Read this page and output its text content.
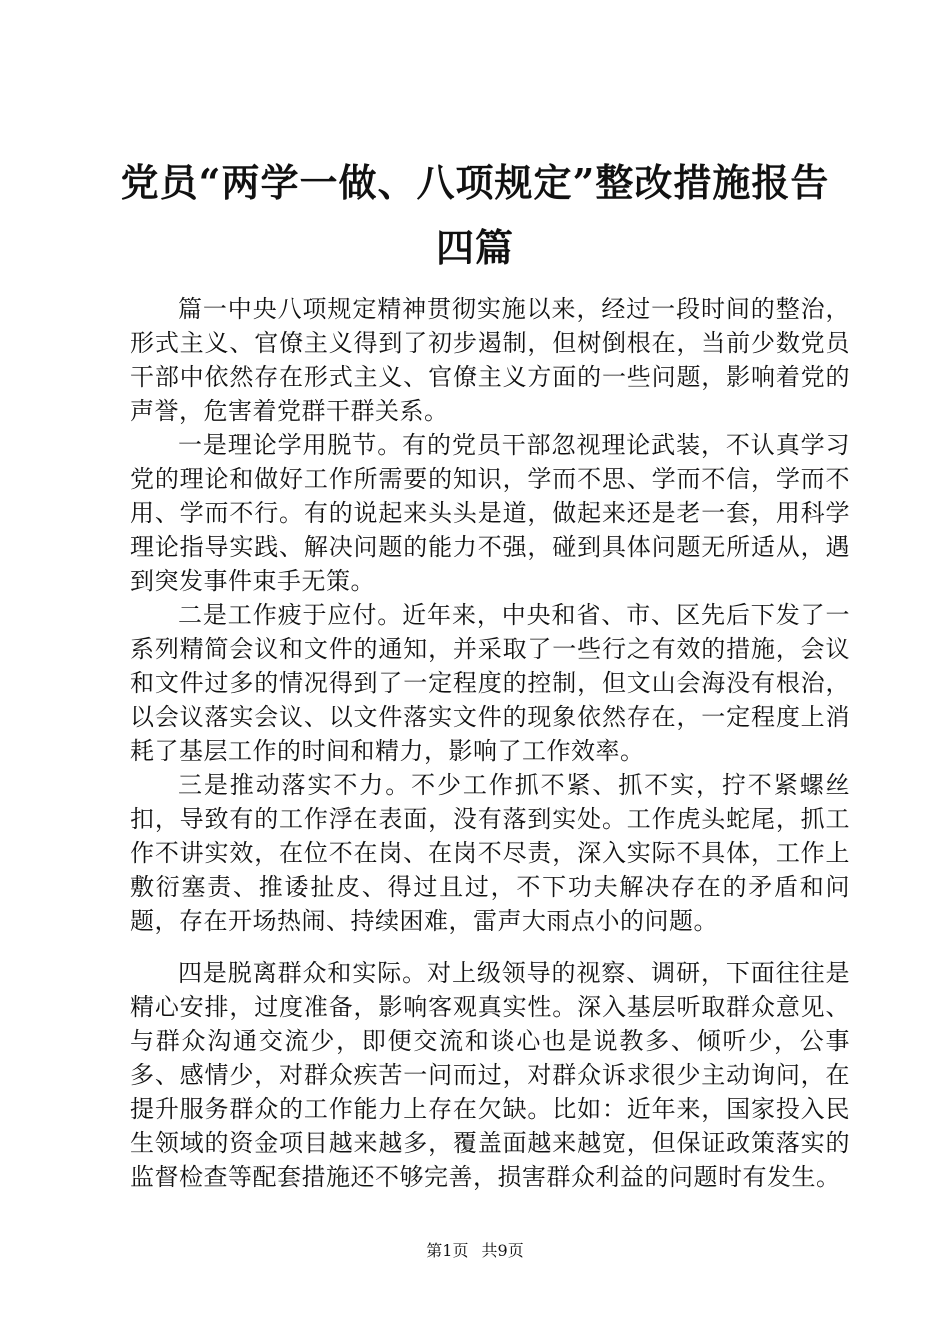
党员“两学一做、八项规定”整改措施报告四篇

篇一中央八项规定精神贯彻实施以来，经过一段时间的整治，形式主义、官僚主义得到了初步遏制，但树倒根在，当前少数党员干部中依然存在形式主义、官僚主义方面的一些问题，影响着党的声誉，危害着党群干群关系。

一是理论学用脱节。有的党员干部忽视理论武装，不认真学习党的理论和做好工作所需要的知识，学而不思、学而不信，学而不用、学而不行。有的说起来头头是道，做起来还是老一套，用科学理论指导实践、解决问题的能力不强，碰到具体问题无所适从，遇到突发事件束手无策。

二是工作疲于应付。近年来，中央和省、市、区先后下发了一系列精简会议和文件的通知，并采取了一些行之有效的措施，会议和文件过多的情况得到了一定程度的控制，但文山会海没有根治，以会议落实会议、以文件落实文件的现象依然存在，一定程度上消耗了基层工作的时间和精力，影响了工作效率。

三是推动落实不力。不少工作抓不紧、抓不实，拧不紧螺丝扣，导致有的工作浮在表面，没有落到实处。工作虎头蛇尾，抓工作不讲实效，在位不在岗、在岗不尽责，深入实际不具体，工作上敷衍塞责、推诿扯皮、得过且过，不下功夫解决存在的矛盾和问题，存在开场热闹、持续困难，雷声大雨点小的问题。

四是脱离群众和实际。对上级领导的视察、调研，下面往往是精心安排，过度准备，影响客观真实性。深入基层听取群众意见、与群众沟通交流少，即便交流和谈心也是说教多、倾听少，公事多、感情少，对群众疾苦一问而过，对群众诉求很少主动询问，在提升服务群众的工作能力上存在欠缺。比如：近年来，国家投入民生领域的资金项目越来越多，覆盖面越来越宽，但保证政策落实的监督检查等配套措施还不够完善，损害群众利益的问题时有发生。

第1页 共9页
